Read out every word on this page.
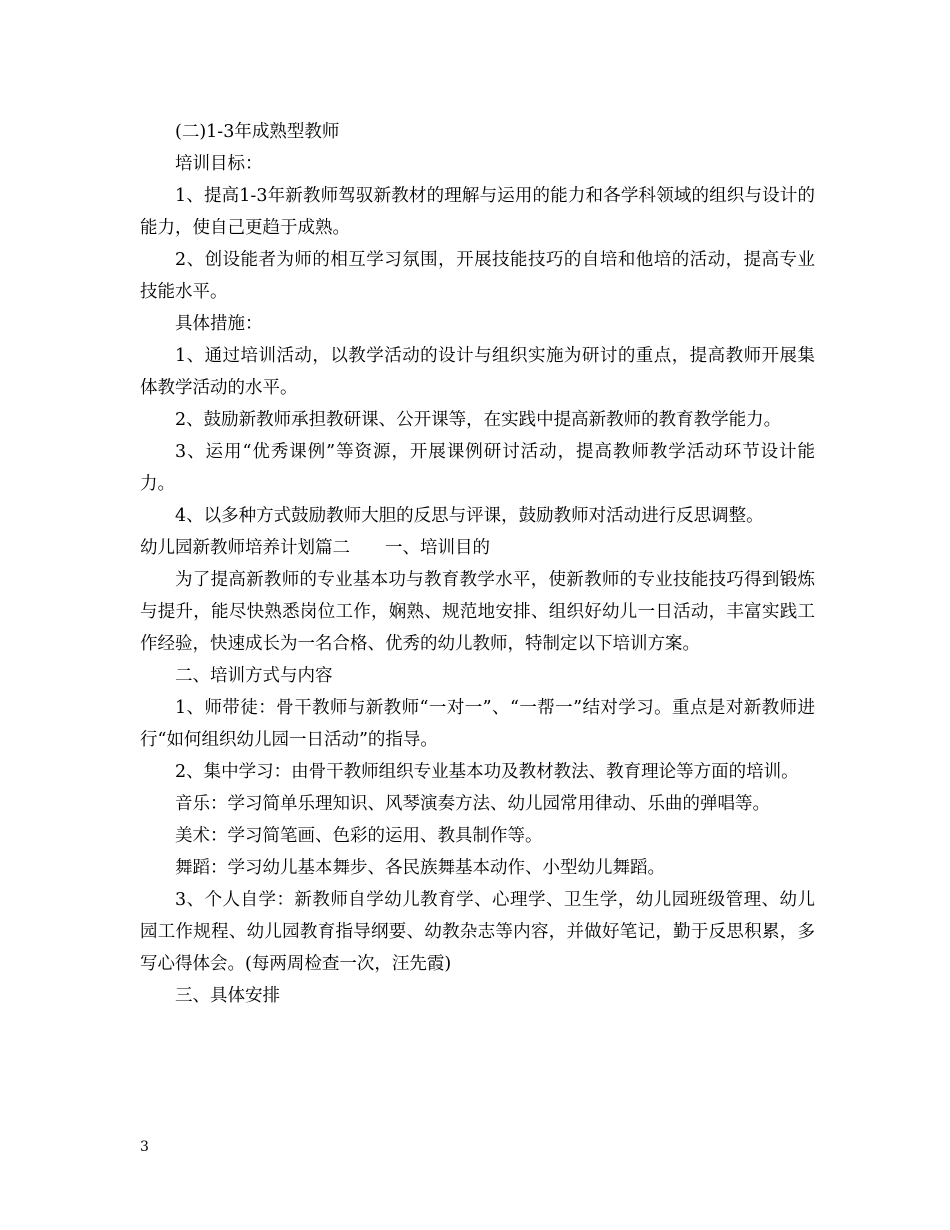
(二)1-3年成熟型教师

培训目标：

1、提高1-3年新教师驾驭新教材的理解与运用的能力和各学科领域的组织与设计的能力，使自己更趋于成熟。

2、创设能者为师的相互学习氛围，开展技能技巧的自培和他培的活动，提高专业技能水平。

具体措施：

1、通过培训活动，以教学活动的设计与组织实施为研讨的重点，提高教师开展集体教学活动的水平。

2、鼓励新教师承担教研课、公开课等，在实践中提高新教师的教育教学能力。

3、运用“优秀课例”等资源，开展课例研讨活动，提高教师教学活动环节设计能力。

4、以多种方式鼓励教师大胆的反思与评课，鼓励教师对活动进行反思调整。

幼儿园新教师培养计划篇二　　一、培训目的

为了提高新教师的专业基本功与教育教学水平，使新教师的专业技能技巧得到锻炼与提升，能尽快熟悉岗位工作，娴熟、规范地安排、组织好幼儿一日活动，丰富实践工作经验，快速成长为一名合格、优秀的幼儿教师，特制定以下培训方案。

二、培训方式与内容

1、师带徒：骨干教师与新教师“一对一”、“一帮一”结对学习。重点是对新教师进行“如何组织幼儿园一日活动”的指导。

2、集中学习：由骨干教师组织专业基本功及教材教法、教育理论等方面的培训。

音乐：学习简单乐理知识、风琴演奏方法、幼儿园常用律动、乐曲的弹唱等。

美术：学习简笔画、色彩的运用、教具制作等。

舞蹈：学习幼儿基本舞步、各民族舞基本动作、小型幼儿舞蹈。

3、个人自学：新教师自学幼儿教育学、心理学、卫生学，幼儿园班级管理、幼儿园工作规程、幼儿园教育指导纲要、幼教杂志等内容，并做好笔记，勤于反思积累，多写心得体会。(每两周检查一次，汪先霞)

三、具体安排

3
